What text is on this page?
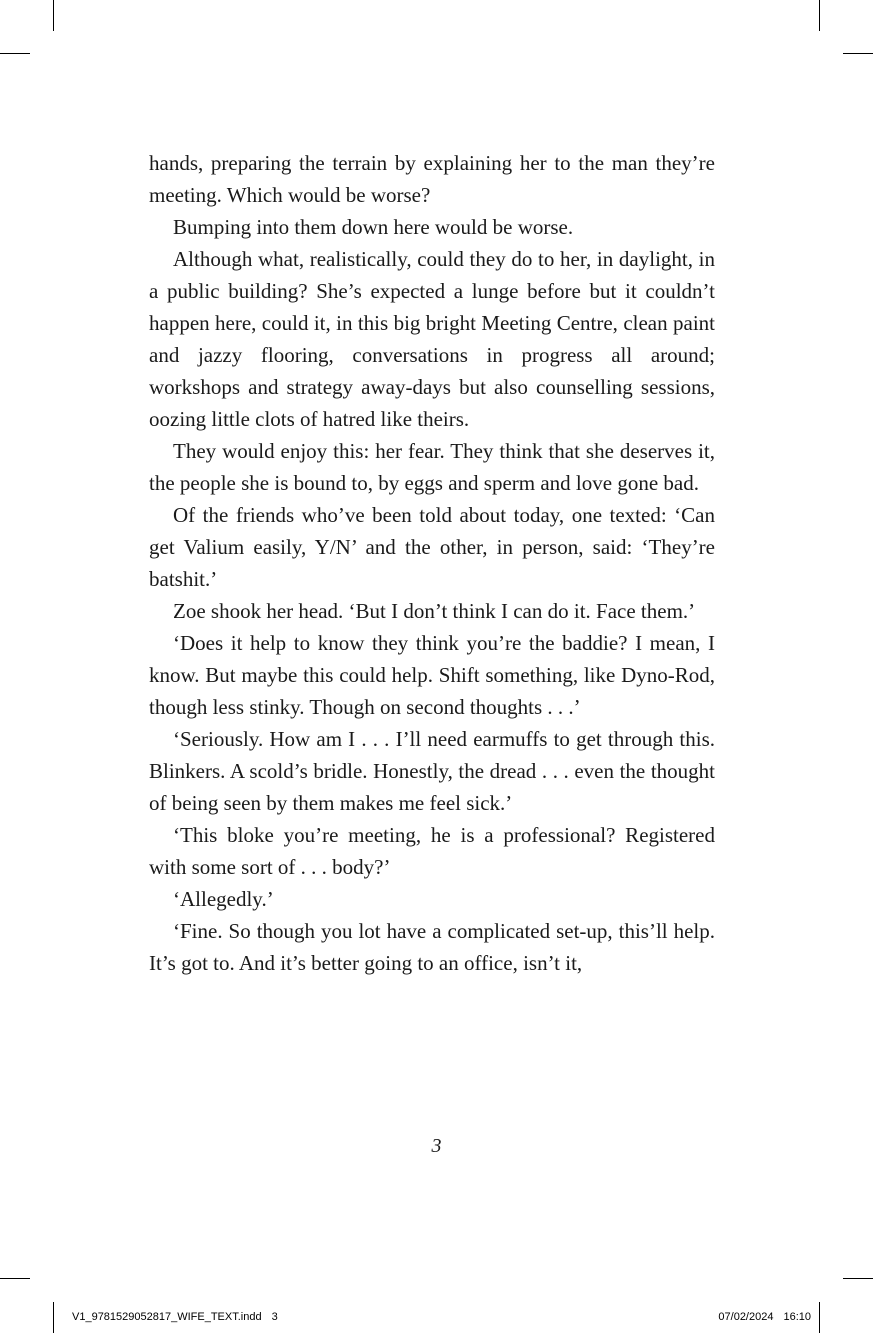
hands, preparing the terrain by explaining her to the man they’re meeting. Which would be worse?

Bumping into them down here would be worse.

Although what, realistically, could they do to her, in daylight, in a public building? She’s expected a lunge before but it couldn’t happen here, could it, in this big bright Meeting Centre, clean paint and jazzy flooring, conversations in progress all around; workshops and strategy away-days but also counselling sessions, oozing little clots of hatred like theirs.

They would enjoy this: her fear. They think that she deserves it, the people she is bound to, by eggs and sperm and love gone bad.

Of the friends who’ve been told about today, one texted: ‘Can get Valium easily, Y/N’ and the other, in person, said: ‘They’re batshit.’

Zoe shook her head. ‘But I don’t think I can do it. Face them.’

‘Does it help to know they think you’re the baddie? I mean, I know. But maybe this could help. Shift something, like Dyno-Rod, though less stinky. Though on second thoughts . . .’

‘Seriously. How am I . . . I’ll need earmuffs to get through this. Blinkers. A scold’s bridle. Honestly, the dread . . . even the thought of being seen by them makes me feel sick.’

‘This bloke you’re meeting, he is a professional? Registered with some sort of . . . body?’

‘Allegedly.’

‘Fine. So though you lot have a complicated set-up, this’ll help. It’s got to. And it’s better going to an office, isn’t it,

3
V1_9781529052817_WIFE_TEXT.indd 3	07/02/2024 16:10
